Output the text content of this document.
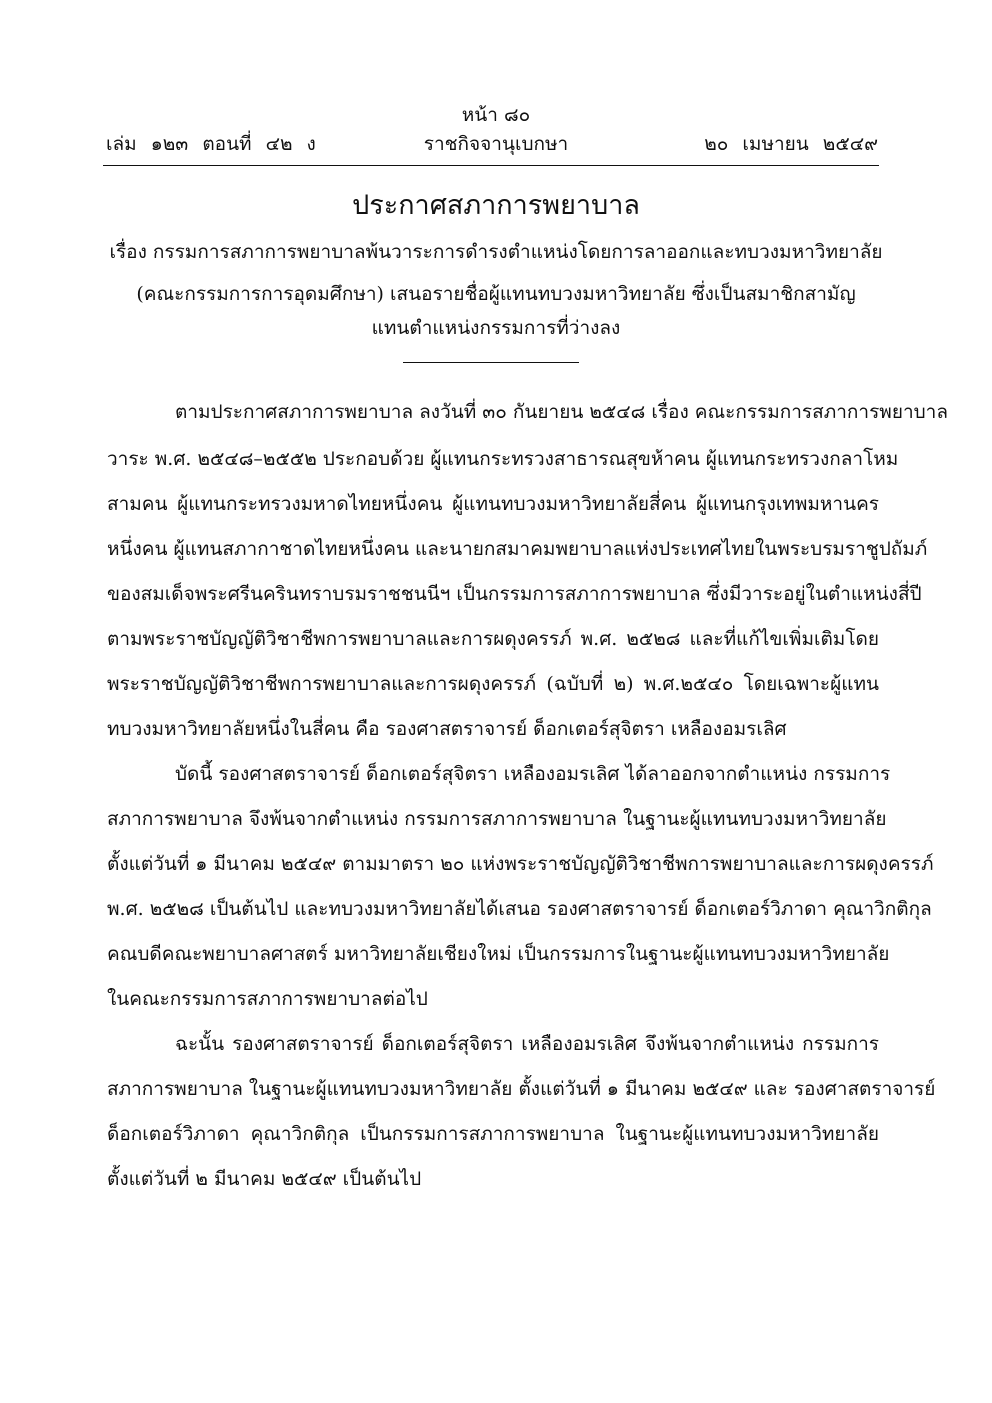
หน้า ๘๐
เล่ม ๑๒๓ ตอนที่ ๔๒ ง	ราชกิจจานุเบกษา	๒๐ เมษายน ๒๕๔๙
ประกาศสภาการพยาบาล
เรื่อง กรรมการสภาการพยาบาลพ้นวาระการดำรงตำแหน่งโดยการลาออกและทบวงมหาวิทยาลัย
(คณะกรรมการการอุดมศึกษา) เสนอรายชื่อผู้แทนทบวงมหาวิทยาลัย ซึ่งเป็นสมาชิกสามัญ
แทนตำแหน่งกรรมการที่ว่างลง
ตามประกาศสภาการพยาบาล ลงวันที่ ๓๐ กันยายน ๒๕๔๘ เรื่อง คณะกรรมการสภาการพยาบาล
วาระ พ.ศ. ๒๕๔๘–๒๕๕๒ ประกอบด้วย ผู้แทนกระทรวงสาธารณสุขห้าคน ผู้แทนกระทรวงกลาโหม
สามคน ผู้แทนกระทรวงมหาดไทยหนึ่งคน ผู้แทนทบวงมหาวิทยาลัยสี่คน ผู้แทนกรุงเทพมหานคร
หนึ่งคน ผู้แทนสภากาชาดไทยหนึ่งคน และนายกสมาคมพยาบาลแห่งประเทศไทยในพระบรมราชูปถัมภ์
ของสมเด็จพระศรีนครินทราบรมราชชนนีฯ เป็นกรรมการสภาการพยาบาล ซึ่งมีวาระอยู่ในตำแหน่งสี่ปี
ตามพระราชบัญญัติวิชาชีพการพยาบาลและการผดุงครรภ์ พ.ศ. ๒๕๒๘ และที่แก้ไขเพิ่มเติมโดย
พระราชบัญญัติวิชาชีพการพยาบาลและการผดุงครรภ์ (ฉบับที่ ๒) พ.ศ.๒๕๔๐ โดยเฉพาะผู้แทน
ทบวงมหาวิทยาลัยหนึ่งในสี่คน คือ รองศาสตราจารย์ ด็อกเตอร์สุจิตรา เหลืองอมรเลิศ
บัดนี้ รองศาสตราจารย์ ด็อกเตอร์สุจิตรา เหลืองอมรเลิศ ได้ลาออกจากตำแหน่ง กรรมการ
สภาการพยาบาล จึงพ้นจากตำแหน่ง กรรมการสภาการพยาบาล ในฐานะผู้แทนทบวงมหาวิทยาลัย
ตั้งแต่วันที่ ๑ มีนาคม ๒๕๔๙ ตามมาตรา ๒๐ แห่งพระราชบัญญัติวิชาชีพการพยาบาลและการผดุงครรภ์
พ.ศ. ๒๕๒๘ เป็นต้นไป และทบวงมหาวิทยาลัยได้เสนอ รองศาสตราจารย์ ด็อกเตอร์วิภาดา คุณาวิกติกุล
คณบดีคณะพยาบาลศาสตร์ มหาวิทยาลัยเชียงใหม่ เป็นกรรมการในฐานะผู้แทนทบวงมหาวิทยาลัย
ในคณะกรรมการสภาการพยาบาลต่อไป
ฉะนั้น รองศาสตราจารย์ ด็อกเตอร์สุจิตรา เหลืองอมรเลิศ จึงพ้นจากตำแหน่ง กรรมการ
สภาการพยาบาล ในฐานะผู้แทนทบวงมหาวิทยาลัย ตั้งแต่วันที่ ๑ มีนาคม ๒๕๔๙ และ รองศาสตราจารย์
ด็อกเตอร์วิภาดา คุณาวิกติกุล เป็นกรรมการสภาการพยาบาล ในฐานะผู้แทนทบวงมหาวิทยาลัย
ตั้งแต่วันที่ ๒ มีนาคม ๒๕๔๙ เป็นต้นไป
